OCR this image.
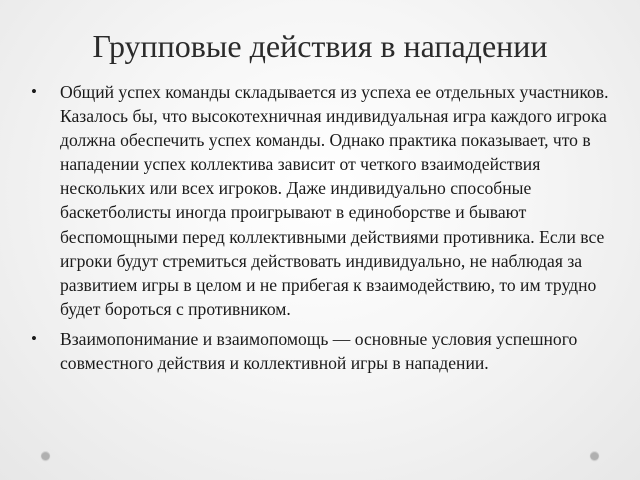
Групповые действия в нападении
• Общий успех команды складывается из успеха ее отдельных участников. Казалось бы, что высокотехничная индивидуальная игра каждого игрока должна обеспечить успех команды. Однако практика показывает, что в нападении успех коллектива зависит от четкого взаимодействия нескольких или всех игроков. Даже индивидуально способные баскетболисты иногда проигрывают в единоборстве и бывают беспомощными перед коллективными действиями противника. Если все игроки будут стремиться действовать индивидуально, не наблюдая за развитием игры в целом и не прибегая к взаимодействию, то им трудно будет бороться с противником.
• Взаимопонимание и взаимопомощь — основные условия успешного совместного действия и коллективной игры в нападении.
